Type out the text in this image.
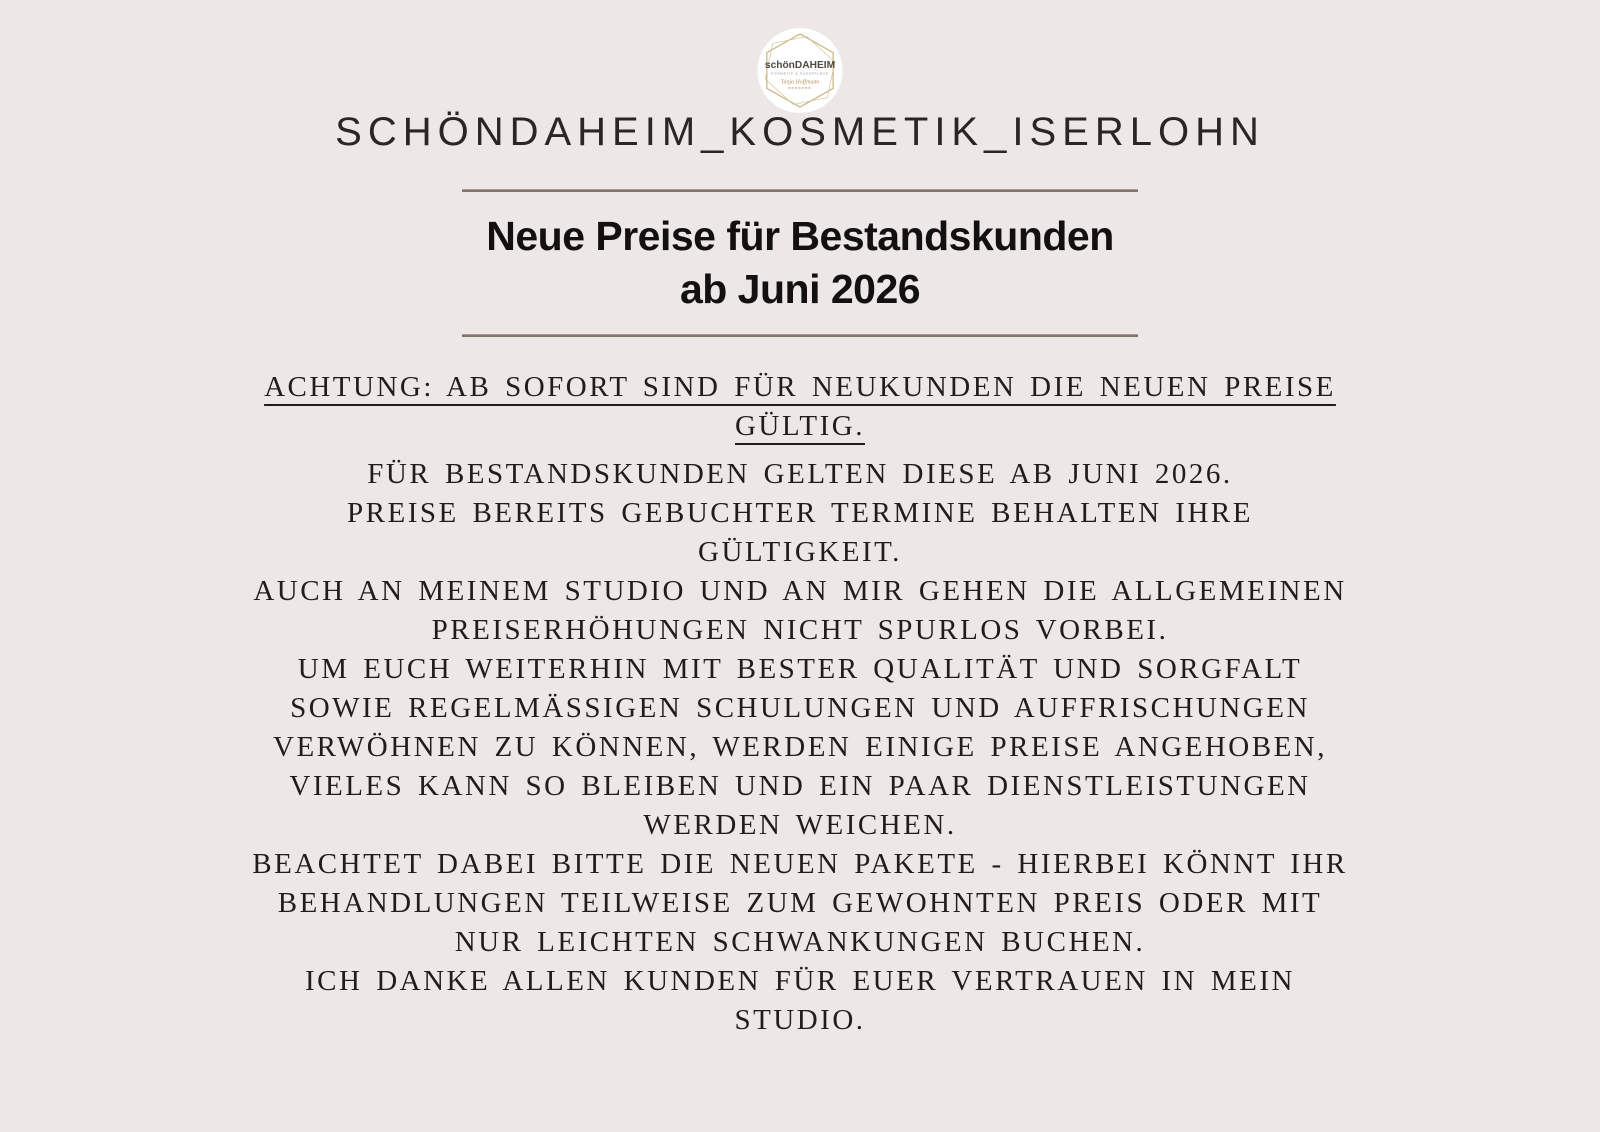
schönDAHEIM
KOSMETIK & FUSSPFLEGE
Tanja Hoffmann
SCHÖNDAHEIM_KOSMETIK_ISERLOHN
Neue Preise für Bestandskunden
ab Juni 2026
ACHTUNG: AB SOFORT SIND FÜR NEUKUNDEN DIE NEUEN PREISE
GÜLTIG.
FÜR BESTANDSKUNDEN GELTEN DIESE AB JUNI 2026.
PREISE BEREITS GEBUCHTER TERMINE BEHALTEN IHRE
GÜLTIGKEIT.
AUCH AN MEINEM STUDIO UND AN MIR GEHEN DIE ALLGEMEINEN
PREISERHÖHUNGEN NICHT SPURLOS VORBEI.
UM EUCH WEITERHIN MIT BESTER QUALITÄT UND SORGFALT
SOWIE REGELMÄSSIGEN SCHULUNGEN UND AUFFRISCHUNGEN
VERWÖHNEN ZU KÖNNEN, WERDEN EINIGE PREISE ANGEHOBEN,
VIELES KANN SO BLEIBEN UND EIN PAAR DIENSTLEISTUNGEN
WERDEN WEICHEN.
BEACHTET DABEI BITTE DIE NEUEN PAKETE - HIERBEI KÖNNT IHR
BEHANDLUNGEN TEILWEISE ZUM GEWOHNTEN PREIS ODER MIT
NUR LEICHTEN SCHWANKUNGEN BUCHEN.
ICH DANKE ALLEN KUNDEN FÜR EUER VERTRAUEN IN MEIN
STUDIO.
